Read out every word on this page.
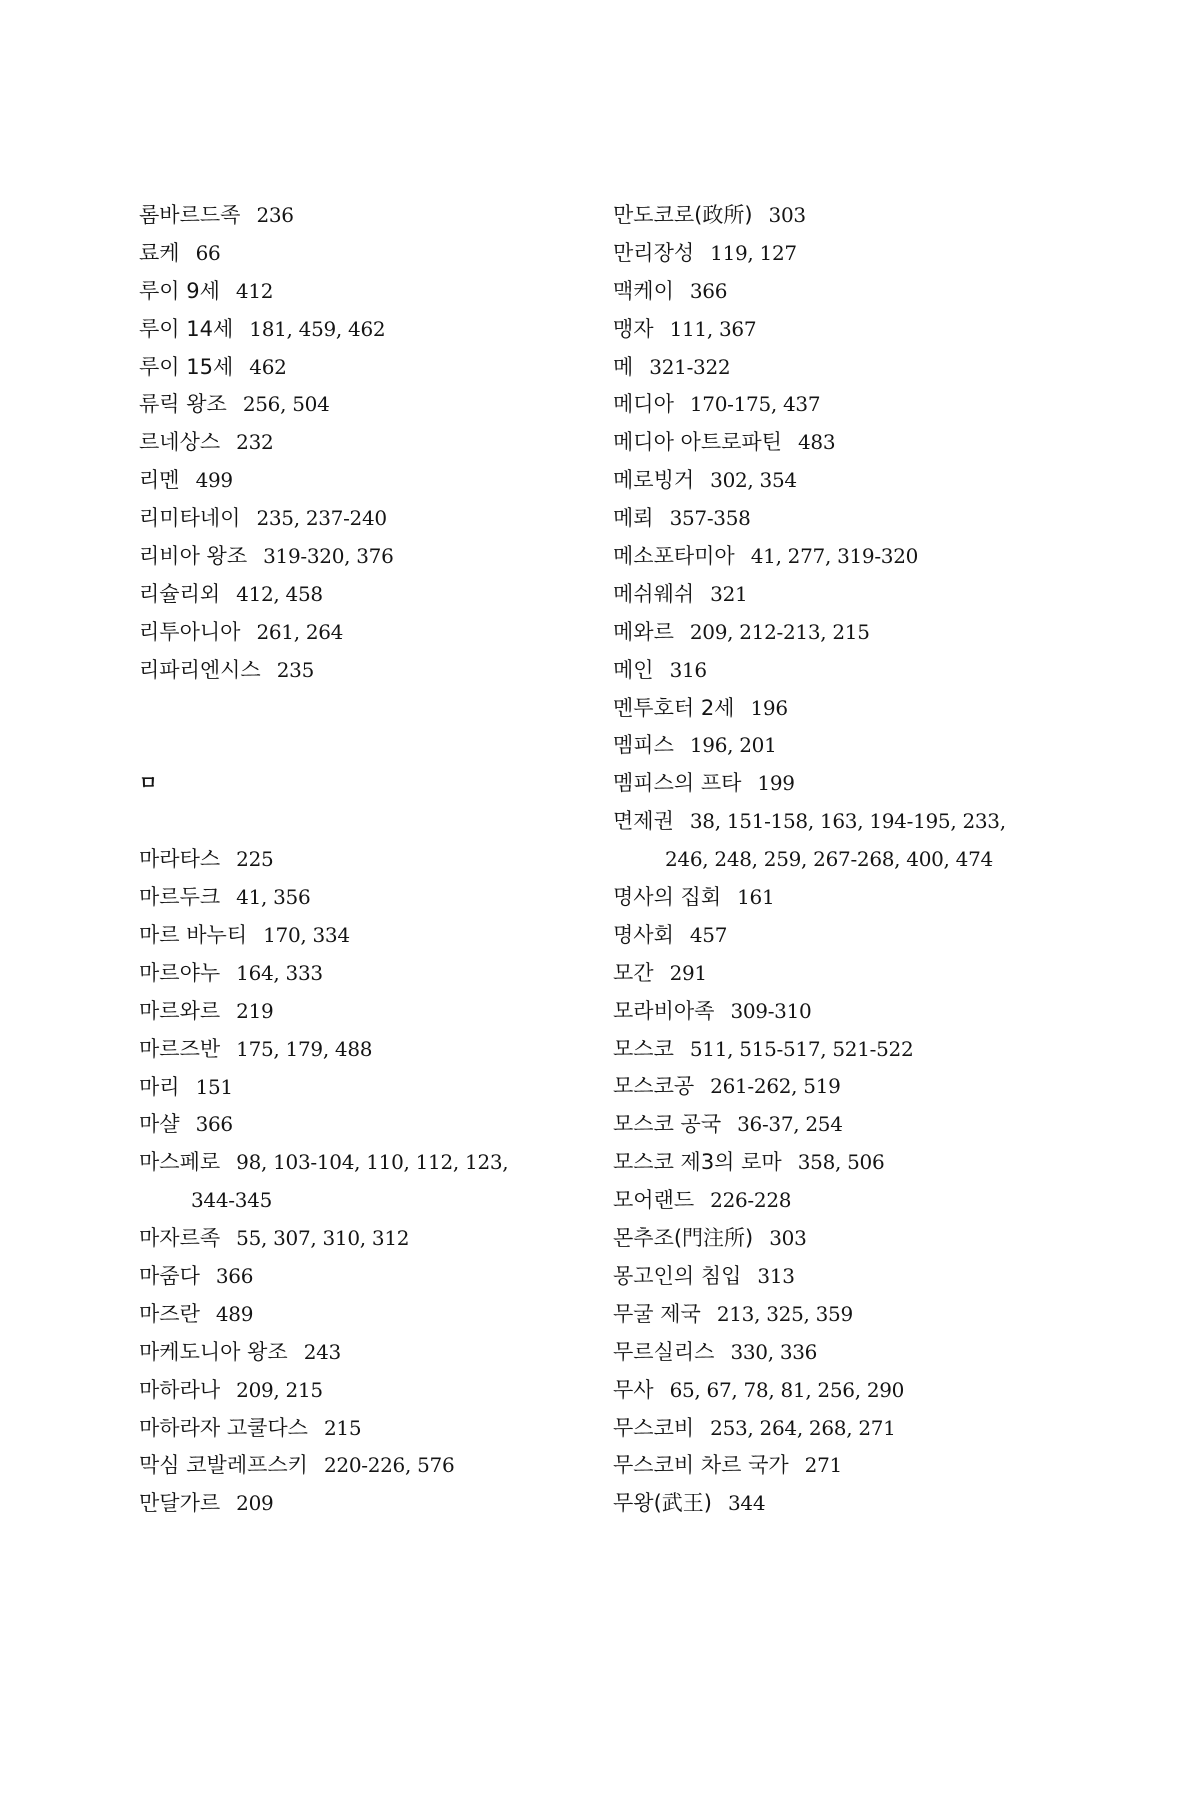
롬바르드족 236
료케 66
루이 9세 412
루이 14세 181, 459, 462
루이 15세 462
류릭 왕조 256, 504
르네상스 232
리멘 499
리미타네이 235, 237-240
리비아 왕조 319-320, 376
리슐리외 412, 458
리투아니아 261, 264
리파리엔시스 235
ㅁ
마라타스 225
마르두크 41, 356
마르 바누티 170, 334
마르야누 164, 333
마르와르 219
마르즈반 175, 179, 488
마리 151
마샬 366
마스페로 98, 103-104, 110, 112, 123,
344-345
마자르족 55, 307, 310, 312
마줌다 366
마즈란 489
마케도니아 왕조 243
마하라나 209, 215
마하라자 고쿨다스 215
막심 코발레프스키 220-226, 576
만달가르 209
만도코로(政所) 303
만리장성 119, 127
맥케이 366
맹자 111, 367
메 321-322
메디아 170-175, 437
메디아 아트로파틴 483
메로빙거 302, 354
메뢰 357-358
메소포타미아 41, 277, 319-320
메쉬웨쉬 321
메와르 209, 212-213, 215
메인 316
멘투호터 2세 196
멤피스 196, 201
멤피스의 프타 199
면제권 38, 151-158, 163, 194-195, 233,
246, 248, 259, 267-268, 400, 474
명사의 집회 161
명사회 457
모간 291
모라비아족 309-310
모스코 511, 515-517, 521-522
모스코공 261-262, 519
모스코 공국 36-37, 254
모스코 제3의 로마 358, 506
모어랜드 226-228
몬추조(門注所) 303
몽고인의 침입 313
무굴 제국 213, 325, 359
무르실리스 330, 336
무사 65, 67, 78, 81, 256, 290
무스코비 253, 264, 268, 271
무스코비 차르 국가 271
무왕(武王) 344
